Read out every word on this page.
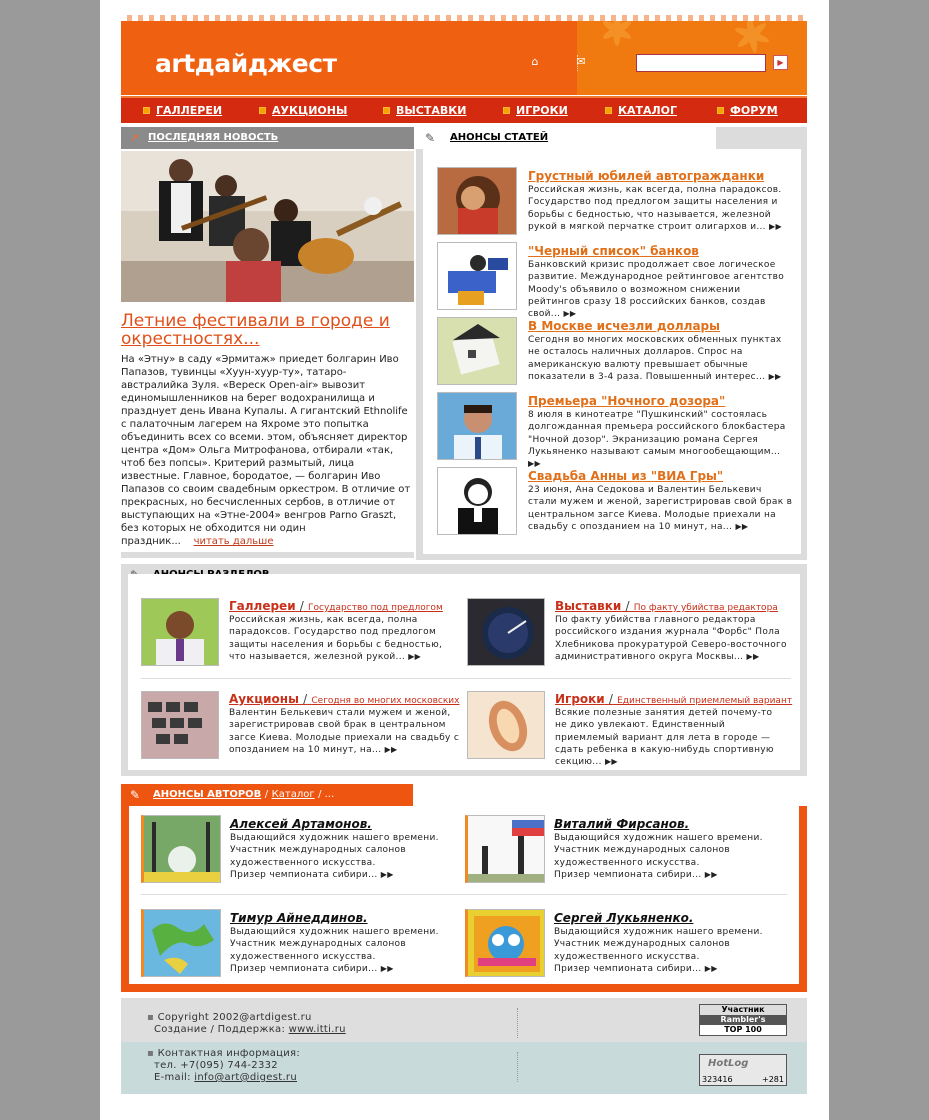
artдайджест	⌂	✉	▶
ГАЛЛЕРЕИ	АУКЦИОНЫ	ВЫСТАВКИ	ИГРОКИ	КАТАЛОГ	ФОРУМ
➚ ПОСЛЕДНЯЯ НОВОСТЬ
Летние фестивали в городе и окрестностях...
На «Этну» в саду «Эрмитаж» приедет болгарин Иво Папазов, тувинцы «Хуун-хуур-ту», татаро-австралийка Зуля. «Вереск Open-air» вывозит единомышленников на берег водохранилища и празднует день Ивана Купалы. А гигантский Ethnolife с палаточным лагерем на Яхроме это попытка объединить всех со всеми. этом, объясняет директор центра «Дом» Ольга Митрофанова, отбирали «так, чтоб без попсы». Критерий размытый, лица известные. Главное, бородатое, — болгарин Иво Папазов со своим свадебным оркестром. В отличие от прекрасных, но бесчисленных сербов, в отличие от выступающих на «Этне-2004» венгров Parno Graszt, без которых не обходится ни один праздник... читать дальше
✎	АНОНСЫ СТАТЕЙ
Грустный юбилей автогражданки
Российская жизнь, как всегда, полна парадоксов. Государство под предлогом защиты населения и борьбы с бедностью, что называется, железной рукой в мягкой перчатке строит олигархов и... ▶▶
"Черный список" банков
Банковский кризис продолжает свое логическое развитие. Международное рейтинговое агентство Moody's объявило о возможном снижении рейтингов сразу 18 российских банков, создав свой... ▶▶
В Москве исчезли доллары
Сегодня во многих московских обменных пунктах не осталось наличных долларов. Спрос на американскую валюту превышает обычные показатели в 3-4 раза. Повышенный интерес... ▶▶
Премьера "Ночного дозора"
8 июля в кинотеатре "Пушкинский" состоялась долгожданная премьера российского блокбастера "Ночной дозор". Экранизацию романа Сергея Лукьяненко называют самым многообещающим... ▶▶
Свадьба Анны из "ВИА Гры"
23 июня, Ана Седокова и Валентин Белькевич стали мужем и женой, зарегистрировав свой брак в центральном загсе Киева. Молодые приехали на свадьбу с опозданием на 10 минут, на... ▶▶
Галлереи / Государство под предлогом
Российская жизнь, как всегда, полна парадоксов. Государство под предлогом защиты населения и борьбы с бедностью, что называется, железной рукой... ▶▶
Выставки / По факту убийства редактора
По факту убийства главного редактора российского издания журнала "Форбс" Пола Хлебникова прокуратурой Северо-восточного административного округа Москвы... ▶▶
Аукционы / Сегодня во многих московских
Валентин Белькевич стали мужем и женой, зарегистрировав свой брак в центральном загсе Киева. Молодые приехали на свадьбу с опозданием на 10 минут, на... ▶▶
Игроки / Единственный приемлемый вариант
Всякие полезные занятия детей почему-то не дико увлекают. Единственный приемлемый вариант для лета в городе — сдать ребенка в какую-нибудь спортивную секцию... ▶▶
✎	АНОНСЫ АВТОРОВ / Каталог / ...
Алексей Артамонов.
Выдающийся художник нашего времени.
Участник международных салонов
художественного искусства.
Призер чемпионата сибири... ▶▶
Виталий Фирсанов.
Выдающийся художник нашего времени.
Участник международных салонов
художественного искусства.
Призер чемпионата сибири... ▶▶
Тимур Айнеддинов.
Выдающийся художник нашего времени.
Участник международных салонов
художественного искусства.
Призер чемпионата сибири... ▶▶
Сергей Лукьяненко.
Выдающийся художник нашего времени.
Участник международных салонов
художественного искусства.
Призер чемпионата сибири... ▶▶
▪ Copyright 2002@artdigest.ru
Создание / Поддержка: www.itti.ru
Участник
Rambler's
TOP 100
▪ Контактная информация:
тел. +7(095) 744-2332
E-mail: info@art@digest.ru
HotLog
323416	+281
